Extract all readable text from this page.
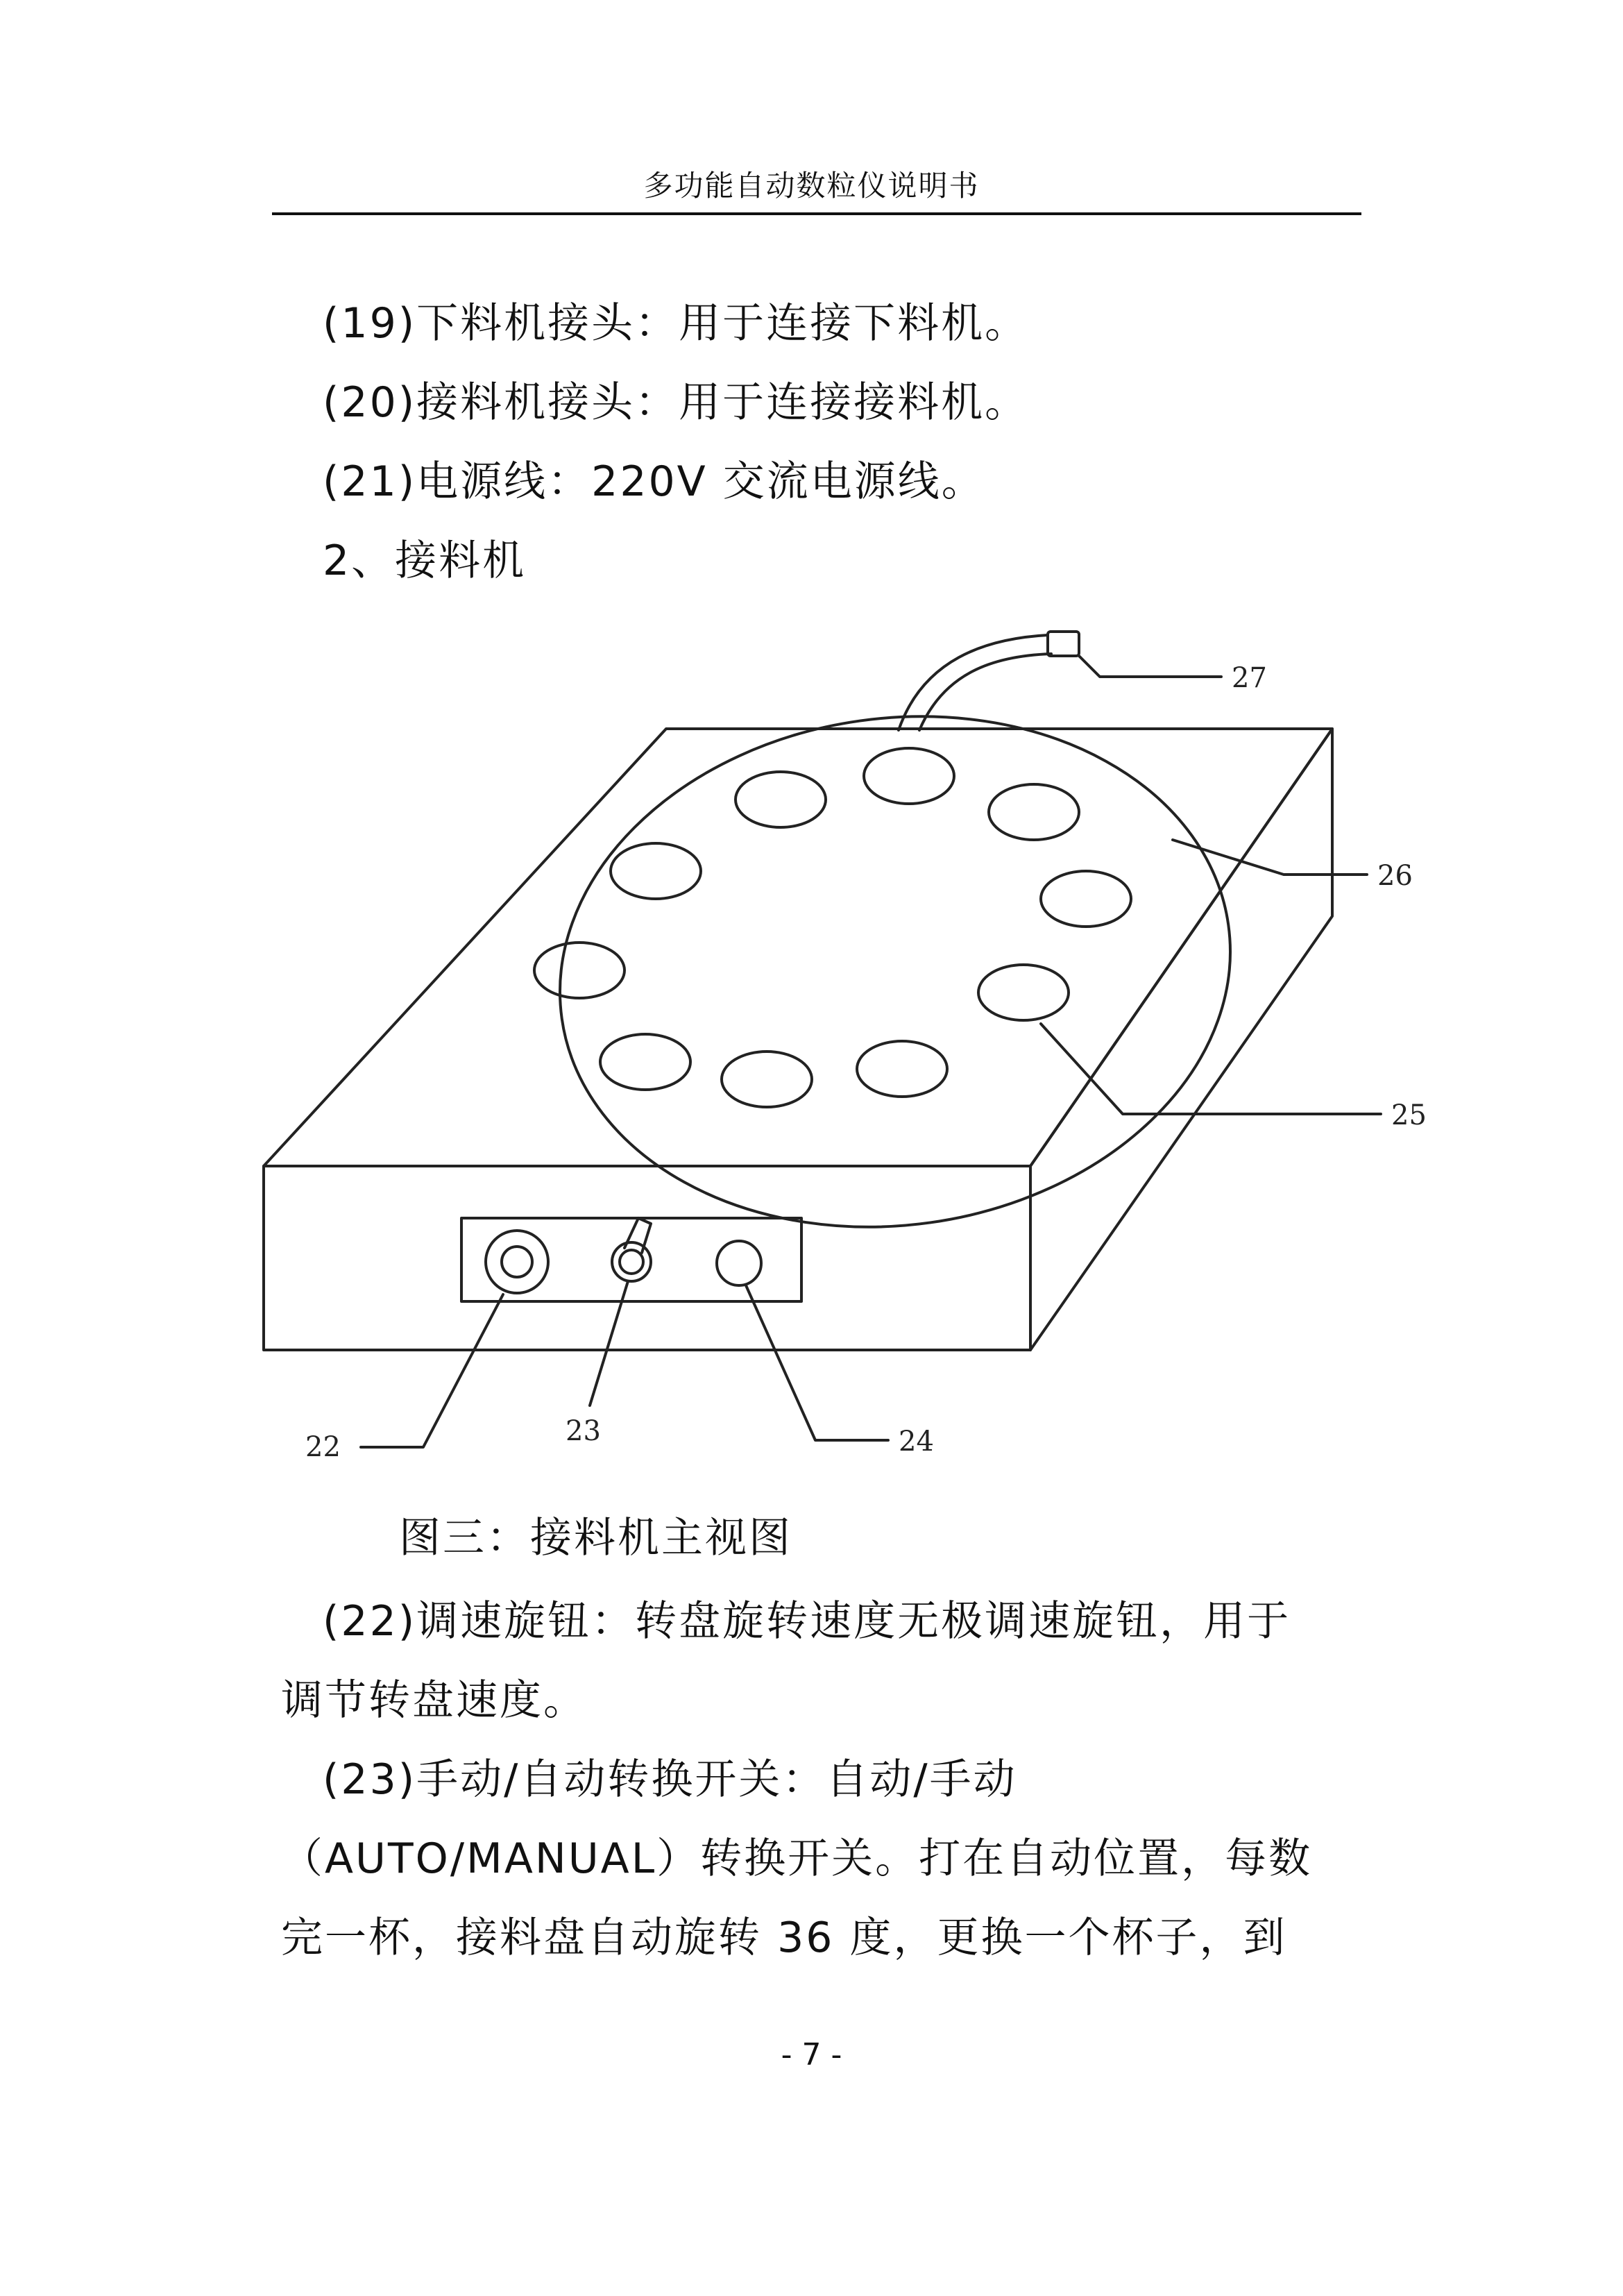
多功能自动数粒仪说明书
(19)下料机接头：用于连接下料机。
(20)接料机接头：用于连接接料机。
(21)电源线：220V 交流电源线。
2、接料机
22	23	24
25
26
27
图三：接料机主视图
(22)调速旋钮：转盘旋转速度无极调速旋钮，用于
调节转盘速度。
(23)手动/自动转换开关：自动/手动
（AUTO/MANUAL）转换开关。打在自动位置，每数
完一杯，接料盘自动旋转 36 度，更换一个杯子，到
- 7 -
